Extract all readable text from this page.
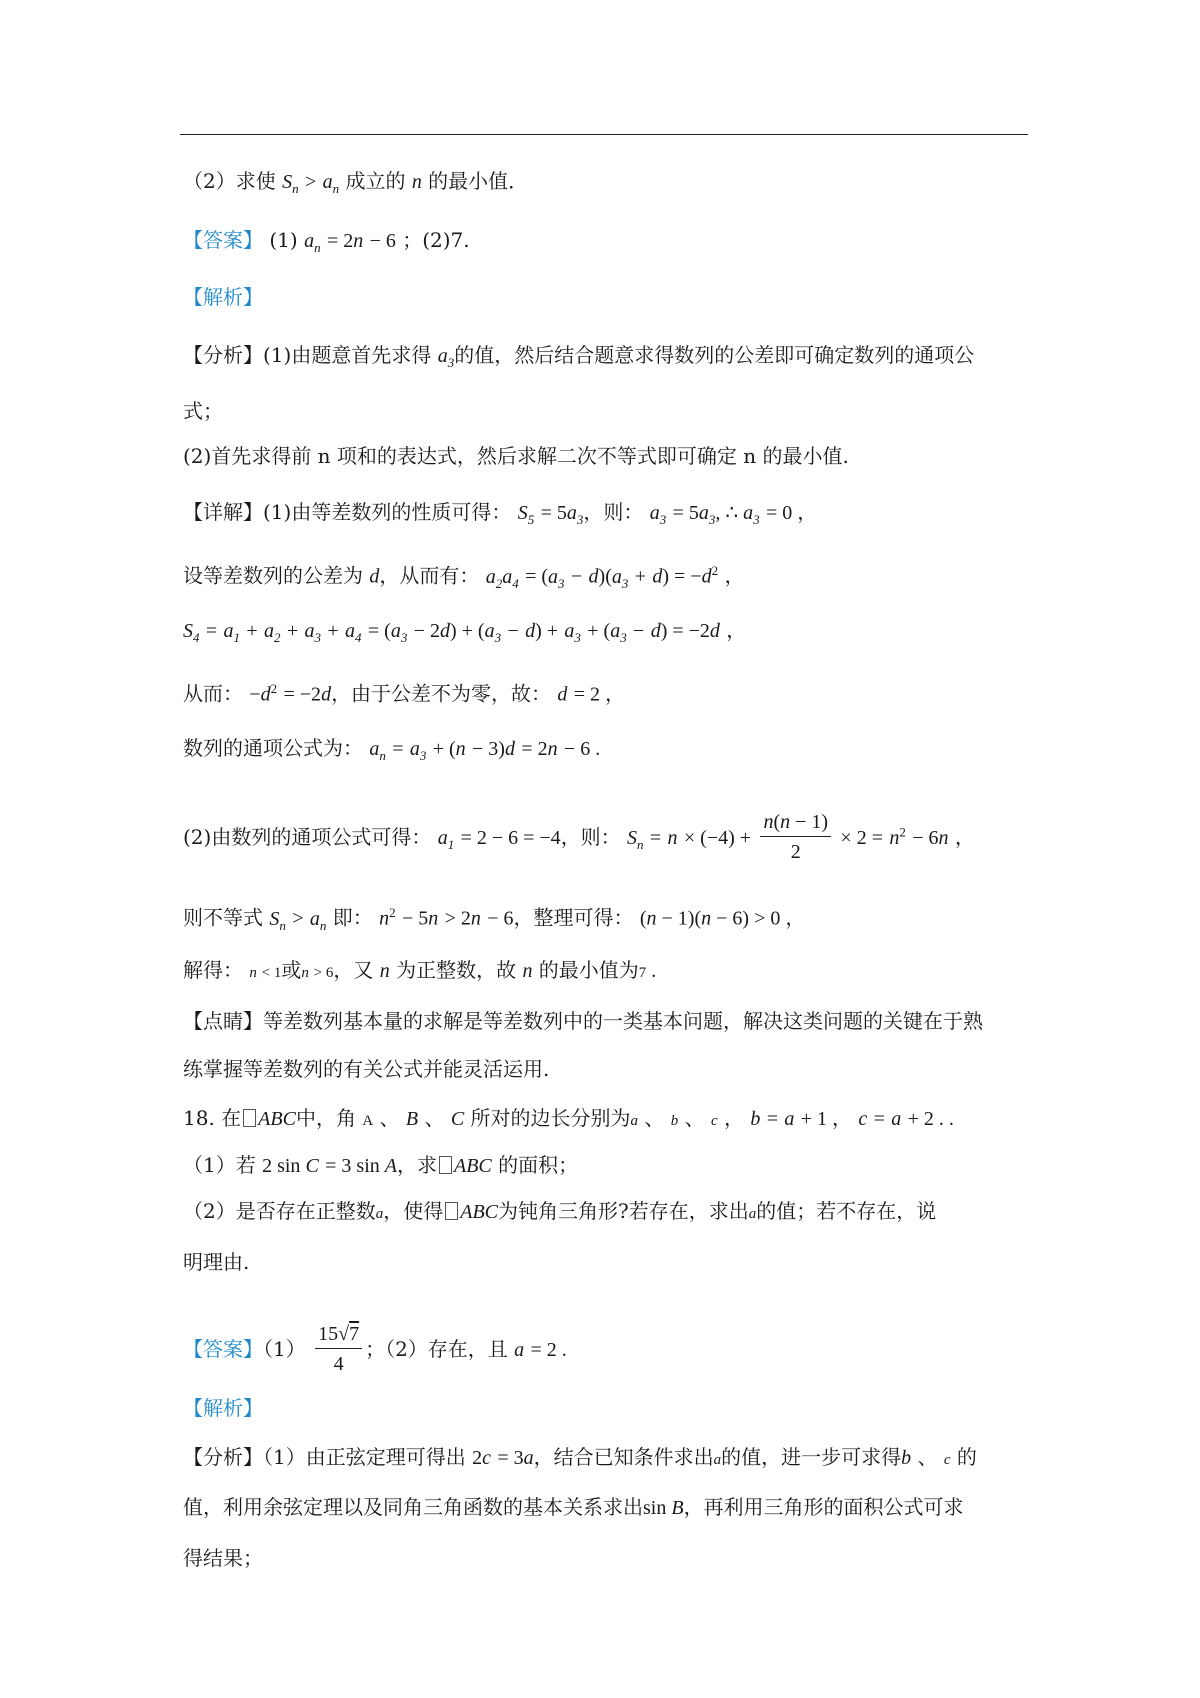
（2）求使 $S_n > a_n$ 成立的 n 的最小值．
【答案】 (1) $a_n = 2n - 6$ ；(2)7.
【解析】
【分析】(1)由题意首先求得 $a_3$的值，然后结合题意求得数列的公差即可确定数列的通项公
式；
(2)首先求得前 n 项和的表达式，然后求解二次不等式即可确定 n 的最小值.
【详解】(1)由等差数列的性质可得： $S_5 = 5a_3$，则： $a_3 = 5a_3$, ∴ $a_3 = 0$ ，
设等差数列的公差为 d，从而有： $a_2a_4 = (a_3 - d)(a_3 + d) = -d^2$ ，
$S_4 = a_1 + a_2 + a_3 + a_4 = (a_3 - 2d) + (a_3 - d) + a_3 + (a_3 - d) = -2d$ ，
从而： $-d^2 = -2d$，由于公差不为零，故： d = 2 ，
数列的通项公式为： $a_n = a_3 + (n - 3)d = 2n - 6$ .
(2)由数列的通项公式可得： $a_1 = 2 - 6 = -4$，则： $S_n = n \times (-4) + \frac{n(n - 1)}{2} \times 2 = n^2 - 6n$ ，
则不等式 $S_n > a_n$ 即： $n^2 - 5n > 2n - 6$，整理可得： (n − 1)(n − 6) > 0 ，
解得： n < 1或n > 6，又 n 为正整数，故 n 的最小值为7 .
【点睛】等差数列基本量的求解是等差数列中的一类基本问题，解决这类问题的关键在于熟
练掌握等差数列的有关公式并能灵活运用.
18. 在 ABC中，角 A 、 B 、 C 所对的边长分别为a 、 b 、 c ， b = a + 1 ， c = a + 2 . .
（1）若 2 sin C = 3 sin A，求 ABC 的面积；
（2）是否存在正整数a，使得 ABC为钝角三角形?若存在，求出a的值；若不存在，说
明理由.
【答案】$(1) \frac{15√7}{4}$ ；（2）存在，且 a = 2 .
【解析】
【分析】（1）由正弦定理可得出 2c = 3a，结合已知条件求出a的值，进一步可求得b 、 c 的
值，利用余弦定理以及同角三角函数的基本关系求出sin B，再利用三角形的面积公式可求
得结果；
